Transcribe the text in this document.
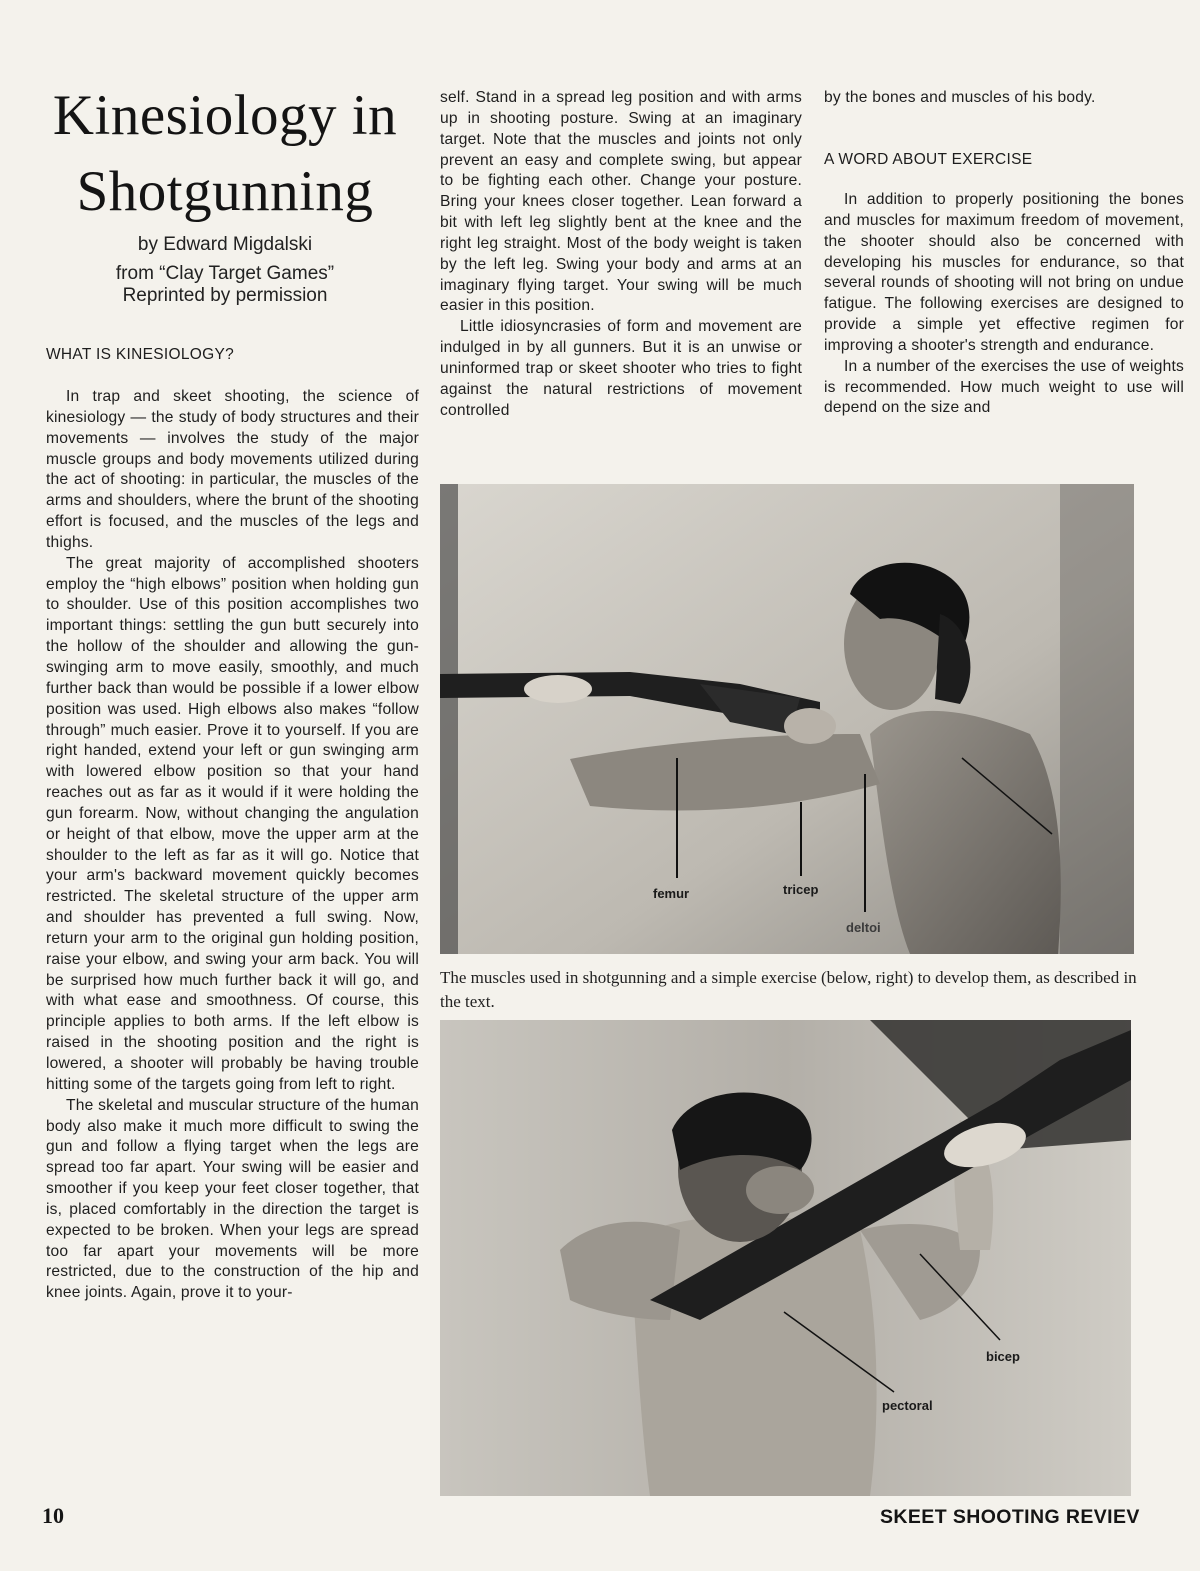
Kinesiology in
Shotgunning
by Edward Migdalski
from “Clay Target Games”
Reprinted by permission
WHAT IS KINESIOLOGY?

In trap and skeet shooting, the science of kinesiology — the study of body structures and their movements — involves the study of the major muscle groups and body movements utilized during the act of shooting: in particular, the muscles of the arms and shoulders, where the brunt of the shooting effort is focused, and the muscles of the legs and thighs.

The great majority of accomplished shooters employ the “high elbows” position when holding gun to shoulder. Use of this position accomplishes two important things: settling the gun butt securely into the hollow of the shoulder and allowing the gun-swinging arm to move easily, smoothly, and much further back than would be possible if a lower elbow position was used. High elbows also makes “follow through” much easier. Prove it to yourself. If you are right handed, extend your left or gun swinging arm with lowered elbow position so that your hand reaches out as far as it would if it were holding the gun forearm. Now, without changing the angulation or height of that elbow, move the upper arm at the shoulder to the left as far as it will go. Notice that your arm's backward movement quickly becomes restricted. The skeletal structure of the upper arm and shoulder has prevented a full swing. Now, return your arm to the original gun holding position, raise your elbow, and swing your arm back. You will be surprised how much further back it will go, and with what ease and smoothness. Of course, this principle applies to both arms. If the left elbow is raised in the shooting position and the right is lowered, a shooter will probably be having trouble hitting some of the targets going from left to right.

The skeletal and muscular structure of the human body also make it much more difficult to swing the gun and follow a flying target when the legs are spread too far apart. Your swing will be easier and smoother if you keep your feet closer together, that is, placed comfortably in the direction the target is expected to be broken. When your legs are spread too far apart your movements will be more restricted, due to the construction of the hip and knee joints. Again, prove it to your-

self. Stand in a spread leg position and with arms up in shooting posture. Swing at an imaginary target. Note that the muscles and joints not only prevent an easy and complete swing, but appear to be fighting each other. Change your posture. Bring your knees closer together. Lean forward a bit with left leg slightly bent at the knee and the right leg straight. Most of the body weight is taken by the left leg. Swing your body and arms at an imaginary flying target. Your swing will be much easier in this position.

Little idiosyncrasies of form and movement are indulged in by all gunners. But it is an unwise or uninformed trap or skeet shooter who tries to fight against the natural restrictions of movement controlled

by the bones and muscles of his body.

A WORD ABOUT EXERCISE

In addition to properly positioning the bones and muscles for maximum freedom of movement, the shooter should also be concerned with developing his muscles for endurance, so that several rounds of shooting will not bring on undue fatigue. The following exercises are designed to provide a simple yet effective regimen for improving a shooter's strength and endurance.

In a number of the exercises the use of weights is recommended. How much weight to use will depend on the size and

femur	tricep
deltoi

The muscles used in shotgunning and a simple exercise (below, right) to develop them, as described in the text.

bicep
pectoral
10	SKEET SHOOTING REVIEV
